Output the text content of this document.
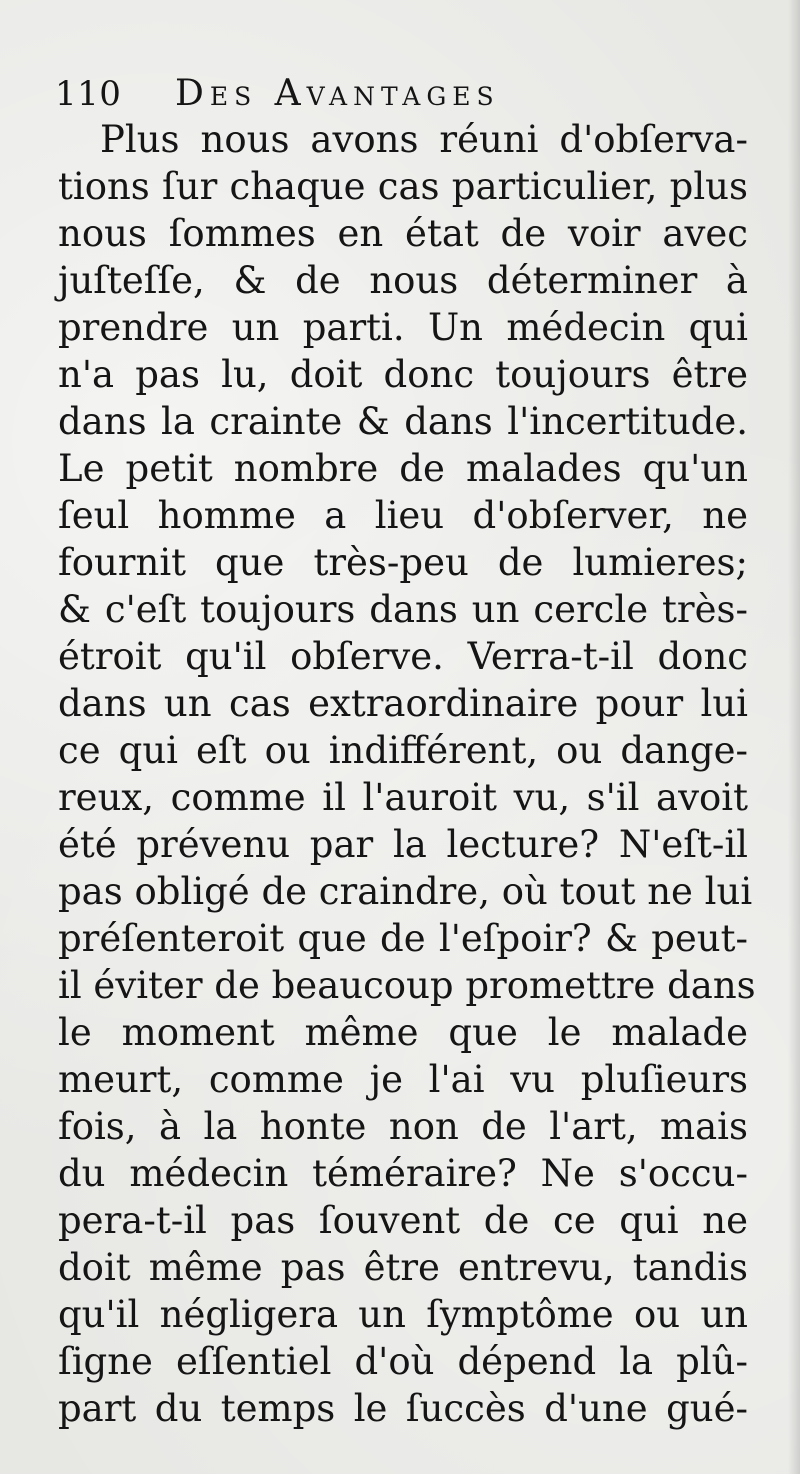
110	Des Avantages
Plus nous avons réuni d'obſerva-
tions ſur chaque cas particulier, plus
nous ſommes en état de voir avec
juſteſſe, & de nous déterminer à
prendre un parti. Un médecin qui
n'a pas lu, doit donc toujours être
dans la crainte & dans l'incertitude.
Le petit nombre de malades qu'un
ſeul homme a lieu d'obſerver, ne
fournit que très-peu de lumieres;
& c'eſt toujours dans un cercle très-
étroit qu'il obſerve. Verra-t-il donc
dans un cas extraordinaire pour lui
ce qui eſt ou indifférent, ou dange-
reux, comme il l'auroit vu, s'il avoit
été prévenu par la lecture? N'eſt-il
pas obligé de craindre, où tout ne lui
préſenteroit que de l'eſpoir? & peut-
il éviter de beaucoup promettre dans
le moment même que le malade
meurt, comme je l'ai vu pluſieurs
fois, à la honte non de l'art, mais
du médecin téméraire? Ne s'occu-
pera-t-il pas ſouvent de ce qui ne
doit même pas être entrevu, tandis
qu'il négligera un ſymptôme ou un
ſigne eſſentiel d'où dépend la plû-
part du temps le ſuccès d'une gué-
